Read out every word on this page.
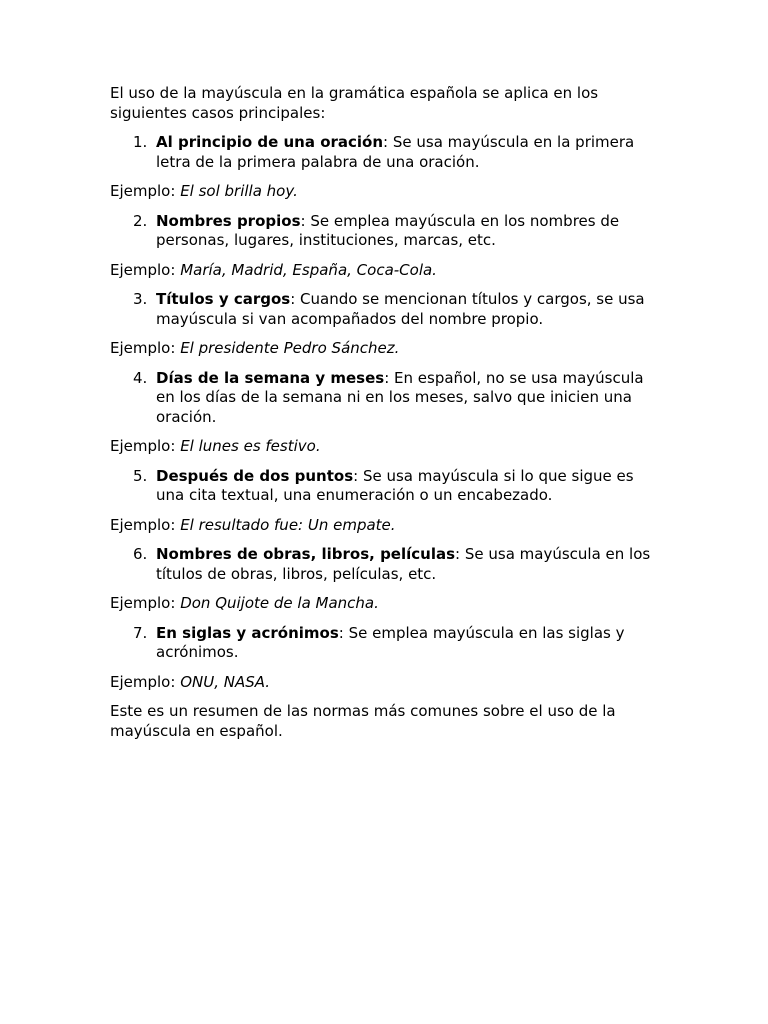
El uso de la mayúscula en la gramática española se aplica en los siguientes casos principales:

1. Al principio de una oración: Se usa mayúscula en la primera letra de la primera palabra de una oración.
Ejemplo: El sol brilla hoy.
2. Nombres propios: Se emplea mayúscula en los nombres de personas, lugares, instituciones, marcas, etc.
Ejemplo: María, Madrid, España, Coca-Cola.
3. Títulos y cargos: Cuando se mencionan títulos y cargos, se usa mayúscula si van acompañados del nombre propio.
Ejemplo: El presidente Pedro Sánchez.
4. Días de la semana y meses: En español, no se usa mayúscula en los días de la semana ni en los meses, salvo que inicien una oración.
Ejemplo: El lunes es festivo.
5. Después de dos puntos: Se usa mayúscula si lo que sigue es una cita textual, una enumeración o un encabezado.
Ejemplo: El resultado fue: Un empate.
6. Nombres de obras, libros, películas: Se usa mayúscula en los títulos de obras, libros, películas, etc.
Ejemplo: Don Quijote de la Mancha.
7. En siglas y acrónimos: Se emplea mayúscula en las siglas y acrónimos.
Ejemplo: ONU, NASA.

Este es un resumen de las normas más comunes sobre el uso de la mayúscula en español.
